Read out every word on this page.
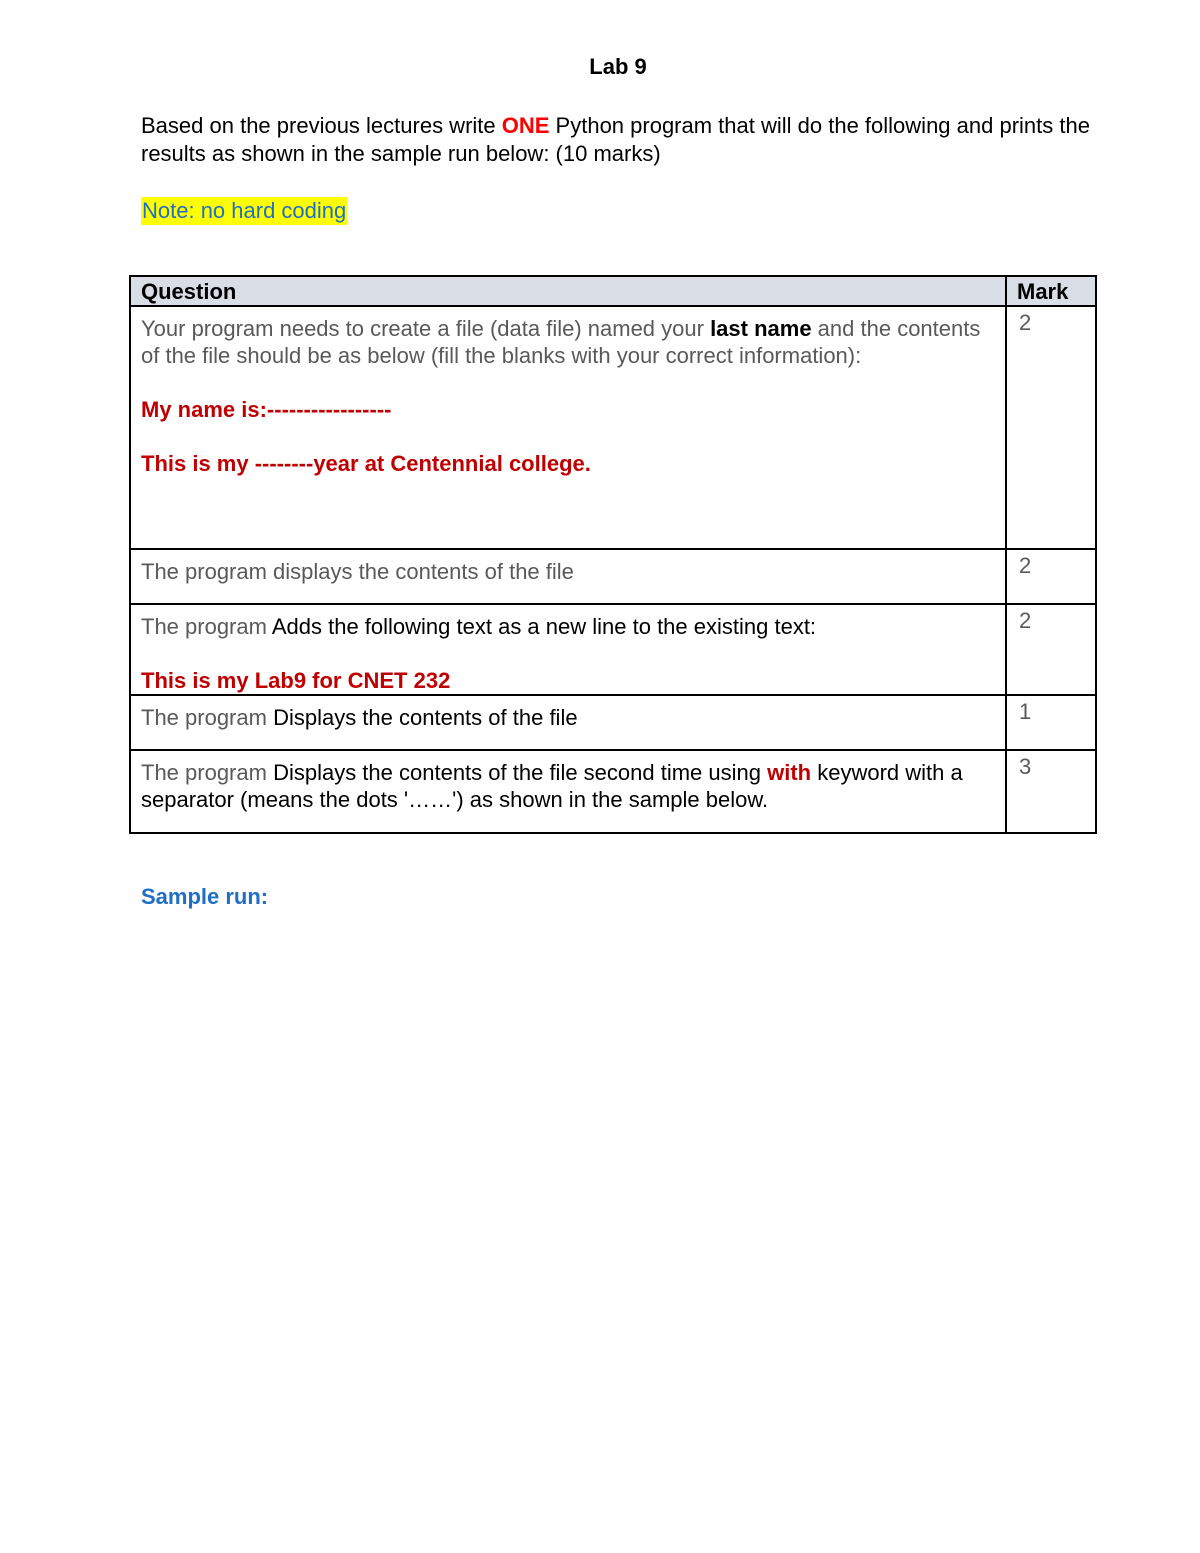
Lab 9
Based on the previous lectures write ONE Python program that will do the following and prints the results as shown in the sample run below: (10 marks)
Note: no hard coding
Question	Mark
Your program needs to create a file (data file) named your last name and the contents of the file should be as below (fill the blanks with your correct information):
My name is:-----------------
This is my --------year at Centennial college.	2
The program displays the contents of the file	2
The program Adds the following text as a new line to the existing text:
This is my Lab9 for CNET 232	2
The program Displays the contents of the file	1
The program Displays the contents of the file second time using with keyword with a separator (means the dots '……') as shown in the sample below.	3
Sample run:
